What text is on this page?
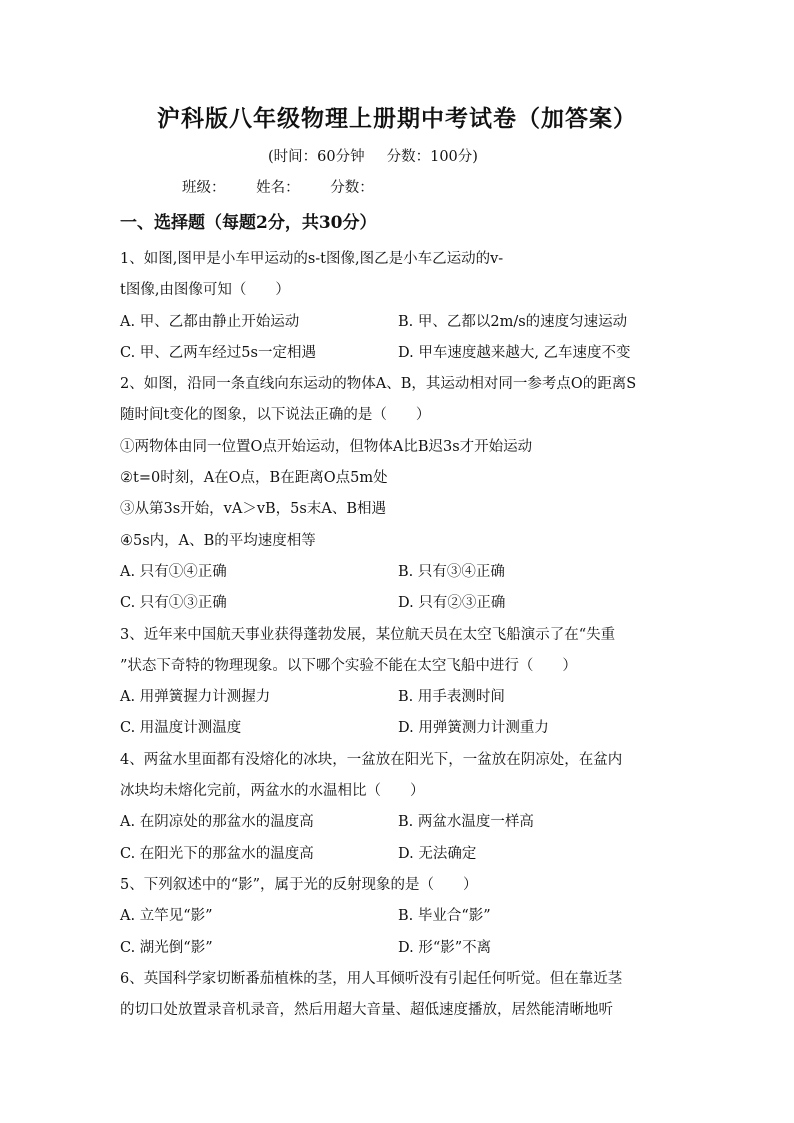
沪科版八年级物理上册期中考试卷（加答案）
(时间：60分钟 分数：100分)
班级： 姓名： 分数：
一、选择题（每题2分，共30分）
1、如图,图甲是小车甲运动的s-t图像,图乙是小车乙运动的v-
t图像,由图像可知（　　）
A. 甲、乙都由静止开始运动	B. 甲、乙都以2m/s的速度匀速运动
C. 甲、乙两车经过5s一定相遇	D. 甲车速度越来越大, 乙车速度不变
2、如图，沿同一条直线向东运动的物体A、B，其运动相对同一参考点O的距离S
随时间t变化的图象，以下说法正确的是（　　）
①两物体由同一位置O点开始运动，但物体A比B迟3s才开始运动
②t=0时刻，A在O点，B在距离O点5m处
③从第3s开始，vA＞vB，5s末A、B相遇
④5s内，A、B的平均速度相等
A. 只有①④正确	B. 只有③④正确
C. 只有①③正确	D. 只有②③正确
3、近年来中国航天事业获得蓬勃发展，某位航天员在太空飞船演示了在“失重
”状态下奇特的物理现象。以下哪个实验不能在太空飞船中进行（　　）
A. 用弹簧握力计测握力	B. 用手表测时间
C. 用温度计测温度	D. 用弹簧测力计测重力
4、两盆水里面都有没熔化的冰块，一盆放在阳光下，一盆放在阴凉处，在盆内
冰块均未熔化完前，两盆水的水温相比（　　）
A. 在阴凉处的那盆水的温度高	B. 两盆水温度一样高
C. 在阳光下的那盆水的温度高	D. 无法确定
5、下列叙述中的“影”，属于光的反射现象的是（　　）
A. 立竿见“影”	B. 毕业合“影”
C. 湖光倒“影”	D. 形“影”不离
6、英国科学家切断番茄植株的茎，用人耳倾听没有引起任何听觉。但在靠近茎
的切口处放置录音机录音，然后用超大音量、超低速度播放，居然能清晰地听
